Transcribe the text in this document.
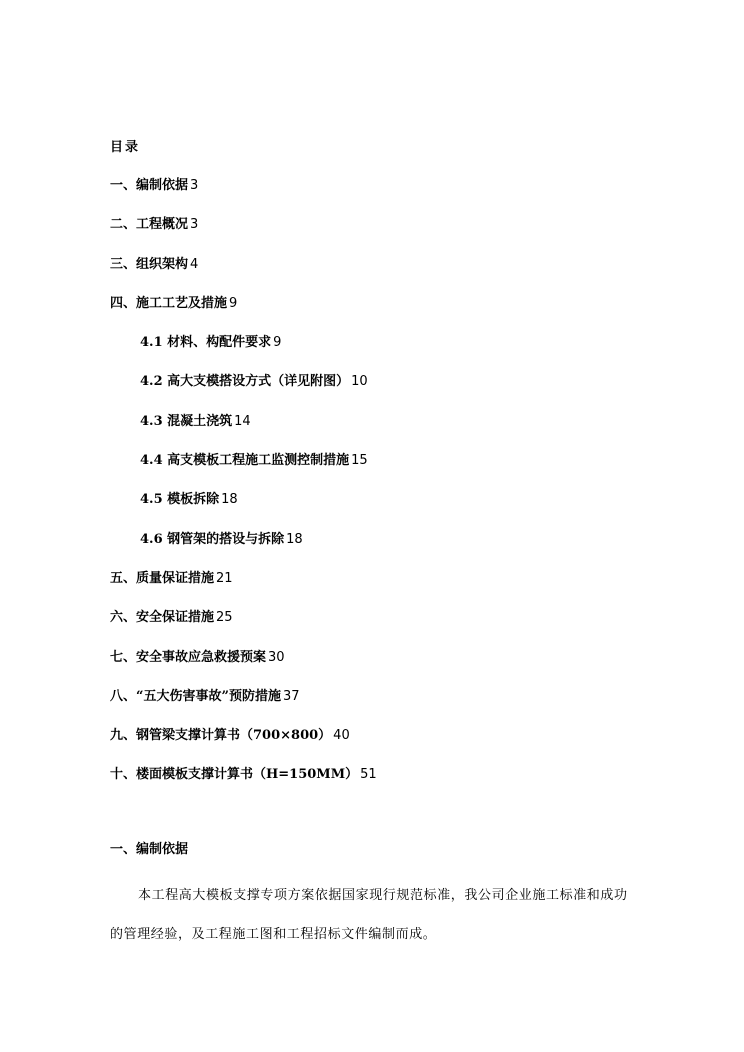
目录
一、编制依据 3
二、工程概况 3
三、组织架构 4
四、施工工艺及措施 9
4.1 材料、构配件要求 9
4.2 高大支模搭设方式（详见附图） 10
4.3 混凝土浇筑 14
4.4 高支模板工程施工监测控制措施 15
4.5 模板拆除 18
4.6 钢管架的搭设与拆除 18
五、质量保证措施 21
六、安全保证措施 25
七、安全事故应急救援预案 30
八、“五大伤害事故”预防措施 37
九、钢管梁支撑计算书（700×800） 40
十、楼面模板支撑计算书（H=150MM） 51
一、编制依据

本工程高大模板支撑专项方案依据国家现行规范标准，我公司企业施工标准和成功的管理经验，及工程施工图和工程招标文件编制而成。
